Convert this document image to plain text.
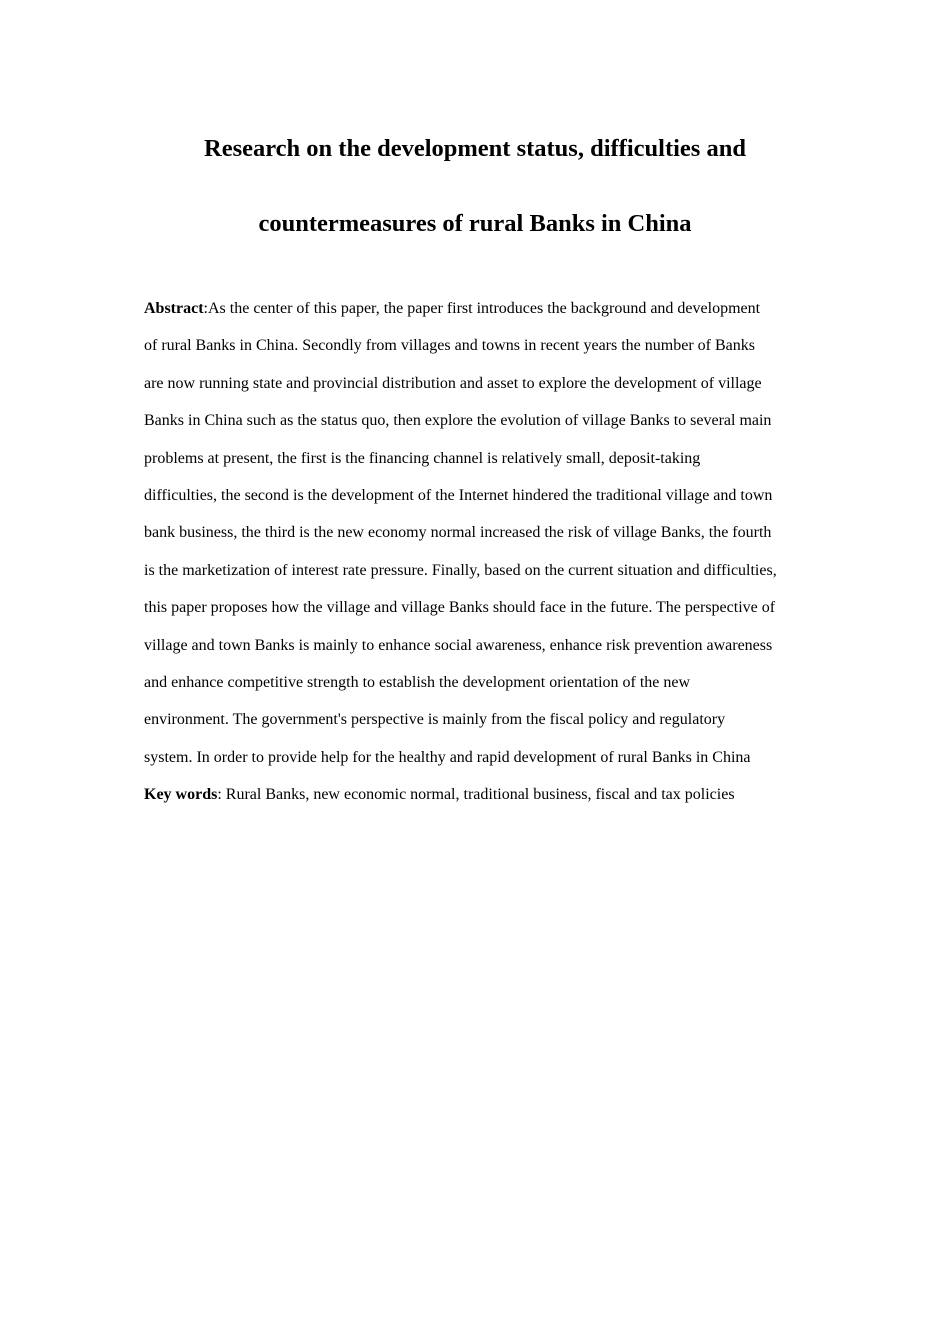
Research on the development status, difficulties and
countermeasures of rural Banks in China
Abstract:As the center of this paper, the paper first introduces the background and development
of rural Banks in China. Secondly from villages and towns in recent years the number of Banks
are now running state and provincial distribution and asset to explore the development of village
Banks in China such as the status quo, then explore the evolution of village Banks to several main
problems at present, the first is the financing channel is relatively small, deposit-taking
difficulties, the second is the development of the Internet hindered the traditional village and town
bank business, the third is the new economy normal increased the risk of village Banks, the fourth
is the marketization of interest rate pressure. Finally, based on the current situation and difficulties,
this paper proposes how the village and village Banks should face in the future. The perspective of
village and town Banks is mainly to enhance social awareness, enhance risk prevention awareness
and enhance competitive strength to establish the development orientation of the new
environment. The government's perspective is mainly from the fiscal policy and regulatory
system. In order to provide help for the healthy and rapid development of rural Banks in China
Key words: Rural Banks, new economic normal, traditional business, fiscal and tax policies
